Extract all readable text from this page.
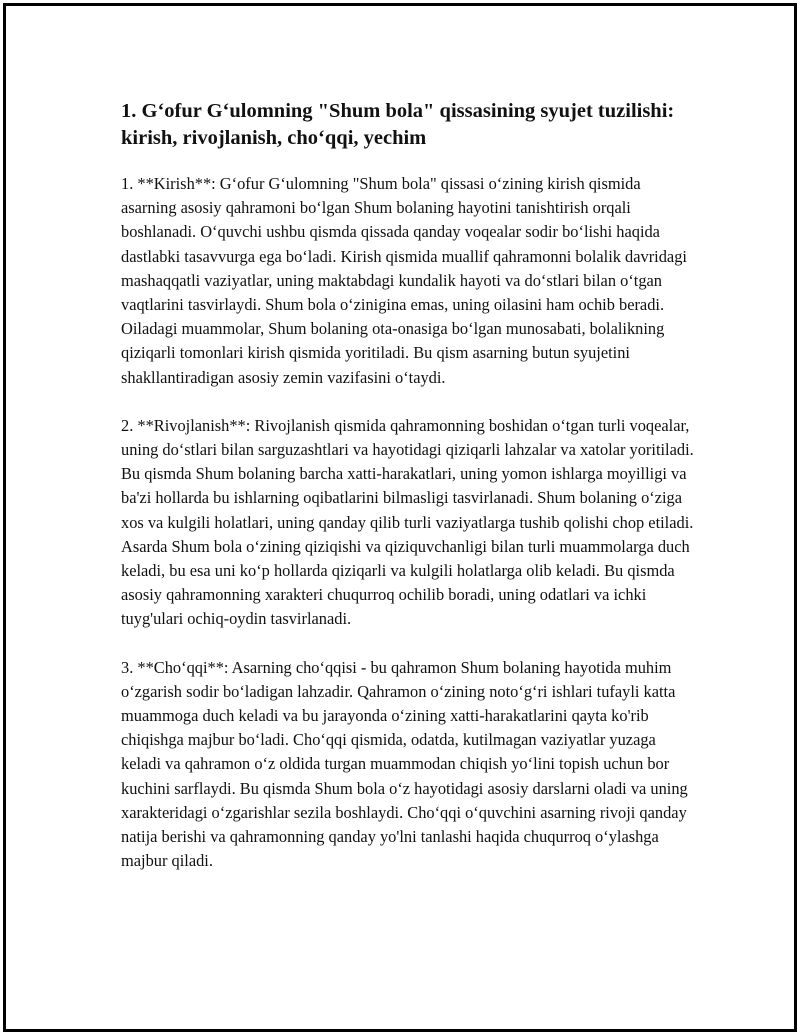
1. G‘ofur G‘ulomning "Shum bola" qissasining syujet tuzilishi: kirish, rivojlanish, cho‘qqi, yechim

1. **Kirish**: G‘ofur G‘ulomning "Shum bola" qissasi o‘zining kirish qismida asarning asosiy qahramoni bo‘lgan Shum bolaning hayotini tanishtirish orqali boshlanadi. O‘quvchi ushbu qismda qissada qanday voqealar sodir bo‘lishi haqida dastlabki tasavvurga ega bo‘ladi. Kirish qismida muallif qahramonni bolalik davridagi mashaqqatli vaziyatlar, uning maktabdagi kundalik hayoti va do‘stlari bilan o‘tgan vaqtlarini tasvirlaydi. Shum bola o‘zinigina emas, uning oilasini ham ochib beradi. Oiladagi muammolar, Shum bolaning ota-onasiga bo‘lgan munosabati, bolalikning qiziqarli tomonlari kirish qismida yoritiladi. Bu qism asarning butun syujetini shakllantiradigan asosiy zemin vazifasini o‘taydi.

2. **Rivojlanish**: Rivojlanish qismida qahramonning boshidan o‘tgan turli voqealar, uning do‘stlari bilan sarguzashtlari va hayotidagi qiziqarli lahzalar va xatolar yoritiladi. Bu qismda Shum bolaning barcha xatti-harakatlari, uning yomon ishlarga moyilligi va ba'zi hollarda bu ishlarning oqibatlarini bilmasligi tasvirlanadi. Shum bolaning o‘ziga xos va kulgili holatlari, uning qanday qilib turli vaziyatlarga tushib qolishi chop etiladi. Asarda Shum bola o‘zining qiziqishi va qiziquvchanligi bilan turli muammolarga duch keladi, bu esa uni ko‘p hollarda qiziqarli va kulgili holatlarga olib keladi. Bu qismda asosiy qahramonning xarakteri chuqurroq ochilib boradi, uning odatlari va ichki tuyg'ulari ochiq-oydin tasvirlanadi.

3. **Cho‘qqi**: Asarning cho‘qqisi - bu qahramon Shum bolaning hayotida muhim o‘zgarish sodir bo‘ladigan lahzadir. Qahramon o‘zining noto‘g‘ri ishlari tufayli katta muammoga duch keladi va bu jarayonda o‘zining xatti-harakatlarini qayta ko'rib chiqishga majbur bo‘ladi. Cho‘qqi qismida, odatda, kutilmagan vaziyatlar yuzaga keladi va qahramon o‘z oldida turgan muammodan chiqish yo‘lini topish uchun bor kuchini sarflaydi. Bu qismda Shum bola o‘z hayotidagi asosiy darslarni oladi va uning xarakteridagi o‘zgarishlar sezila boshlaydi. Cho‘qqi o‘quvchini asarning rivoji qanday natija berishi va qahramonning qanday yo'lni tanlashi haqida chuqurroq o‘ylashga majbur qiladi.
